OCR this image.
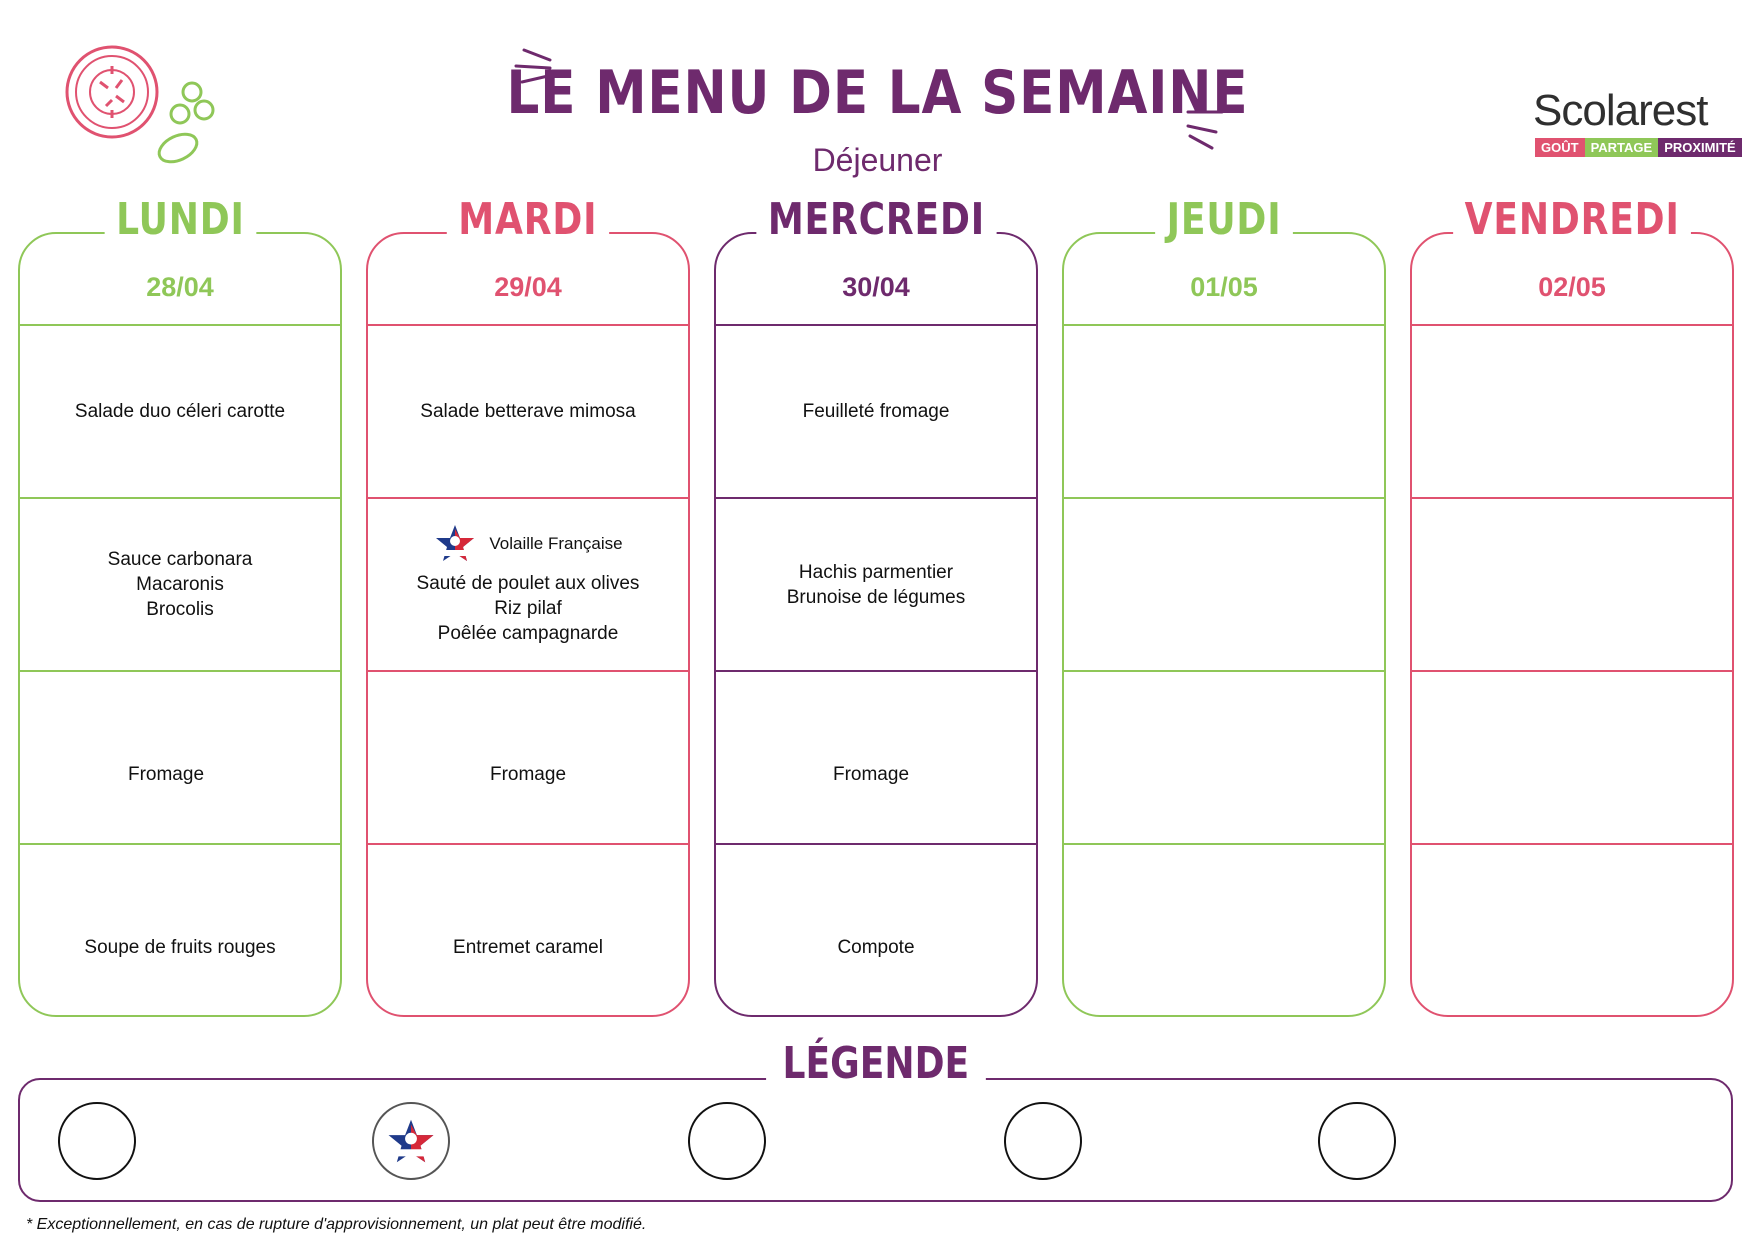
LE MENU DE LA SEMAINE
Déjeuner
Scolarest
GOÛT PARTAGE PROXIMITÉ
LUNDI
28/04
Salade duo céleri carotte
Sauce carbonara
Macaronis
Brocolis
Fromage
Soupe de fruits rouges
MARDI
29/04
Salade betterave mimosa
Volaille Française
Sauté de poulet aux olives
Riz pilaf
Poêlée campagnarde
Fromage
Entremet caramel
MERCREDI
30/04
Feuilleté fromage
Hachis parmentier
Brunoise de légumes
Fromage
Compote
JEUDI
01/05
VENDREDI
02/05
LÉGENDE
* Exceptionnellement, en cas de rupture d'approvisionnement, un plat peut être modifié.
